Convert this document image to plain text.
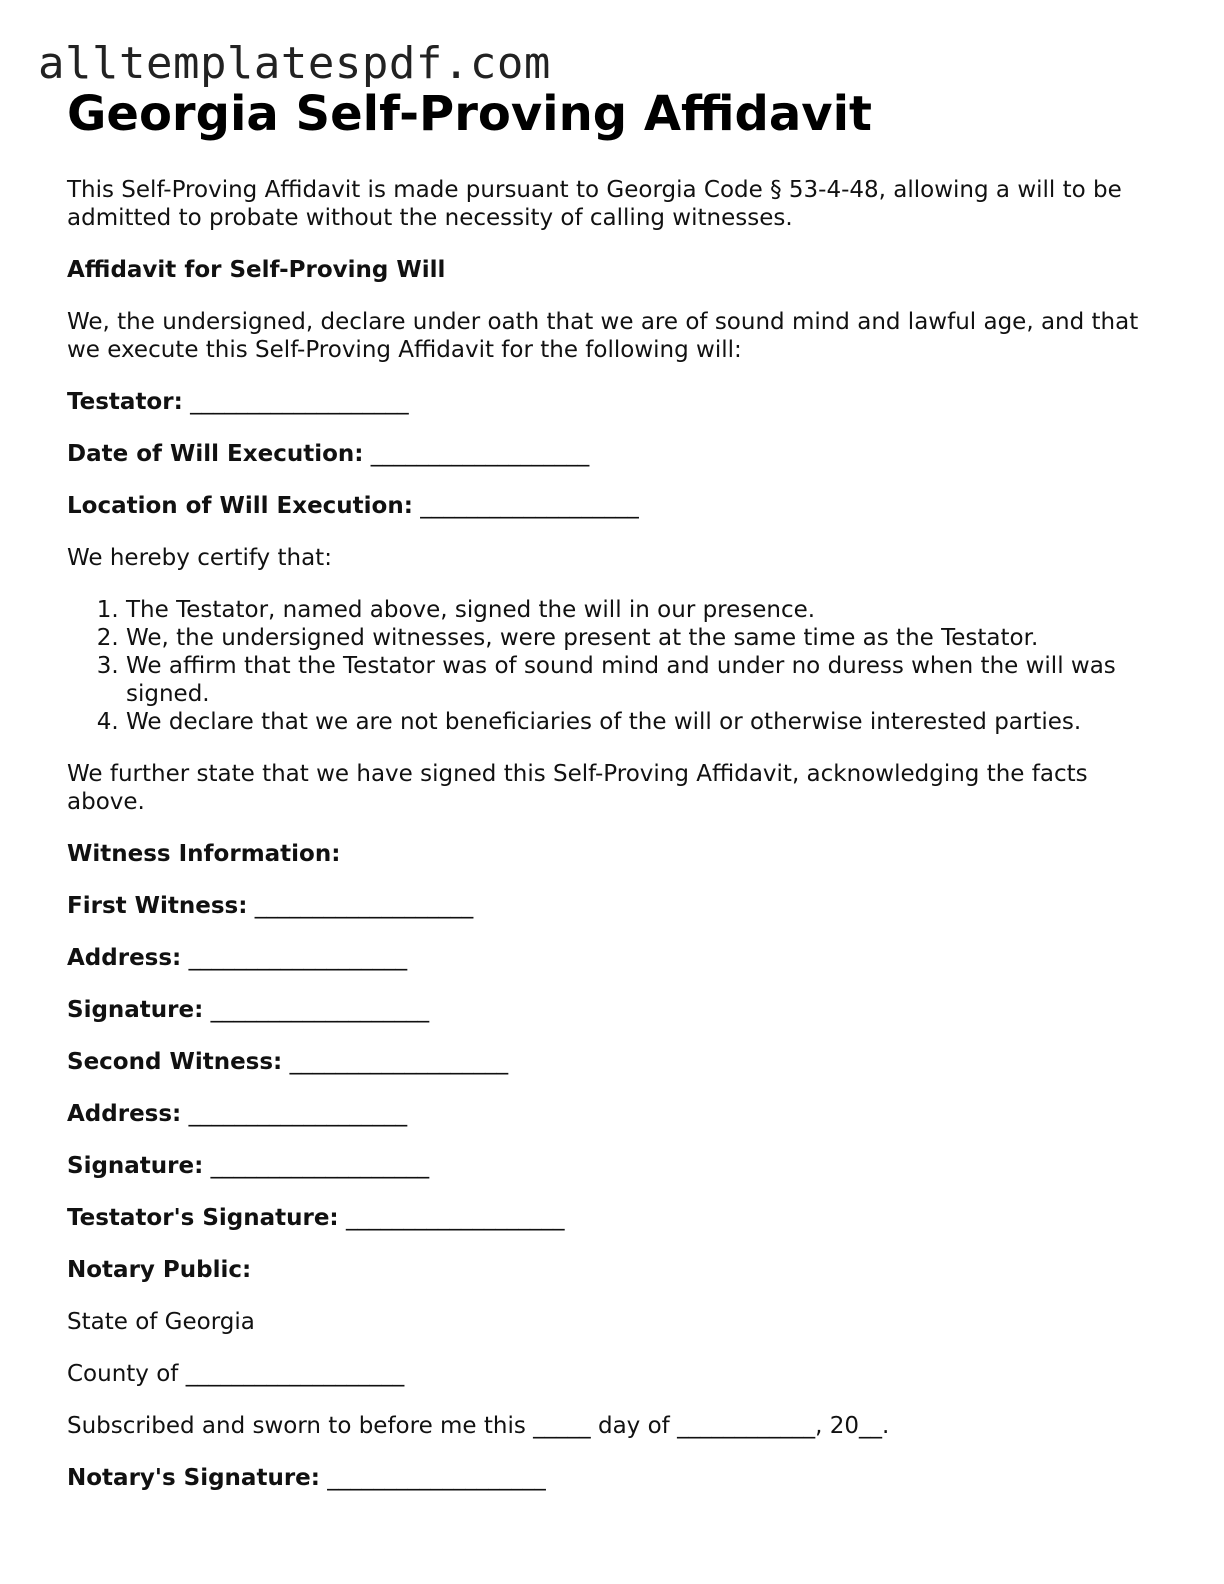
alltemplatespdf.com
Georgia Self-Proving Affidavit

This Self-Proving Affidavit is made pursuant to Georgia Code § 53-4-48, allowing a will to be admitted to probate without the necessity of calling witnesses.

Affidavit for Self-Proving Will

We, the undersigned, declare under oath that we are of sound mind and lawful age, and that we execute this Self-Proving Affidavit for the following will:

Testator: ___________________

Date of Will Execution: ___________________

Location of Will Execution: ___________________

We hereby certify that:

1. The Testator, named above, signed the will in our presence.
2. We, the undersigned witnesses, were present at the same time as the Testator.
3. We affirm that the Testator was of sound mind and under no duress when the will was signed.
4. We declare that we are not beneficiaries of the will or otherwise interested parties.

We further state that we have signed this Self-Proving Affidavit, acknowledging the facts above.

Witness Information:

First Witness: ___________________

Address: ___________________

Signature: ___________________

Second Witness: ___________________

Address: ___________________

Signature: ___________________

Testator's Signature: ___________________

Notary Public:

State of Georgia

County of ___________________

Subscribed and sworn to before me this _____ day of ____________, 20__.

Notary's Signature: ___________________
